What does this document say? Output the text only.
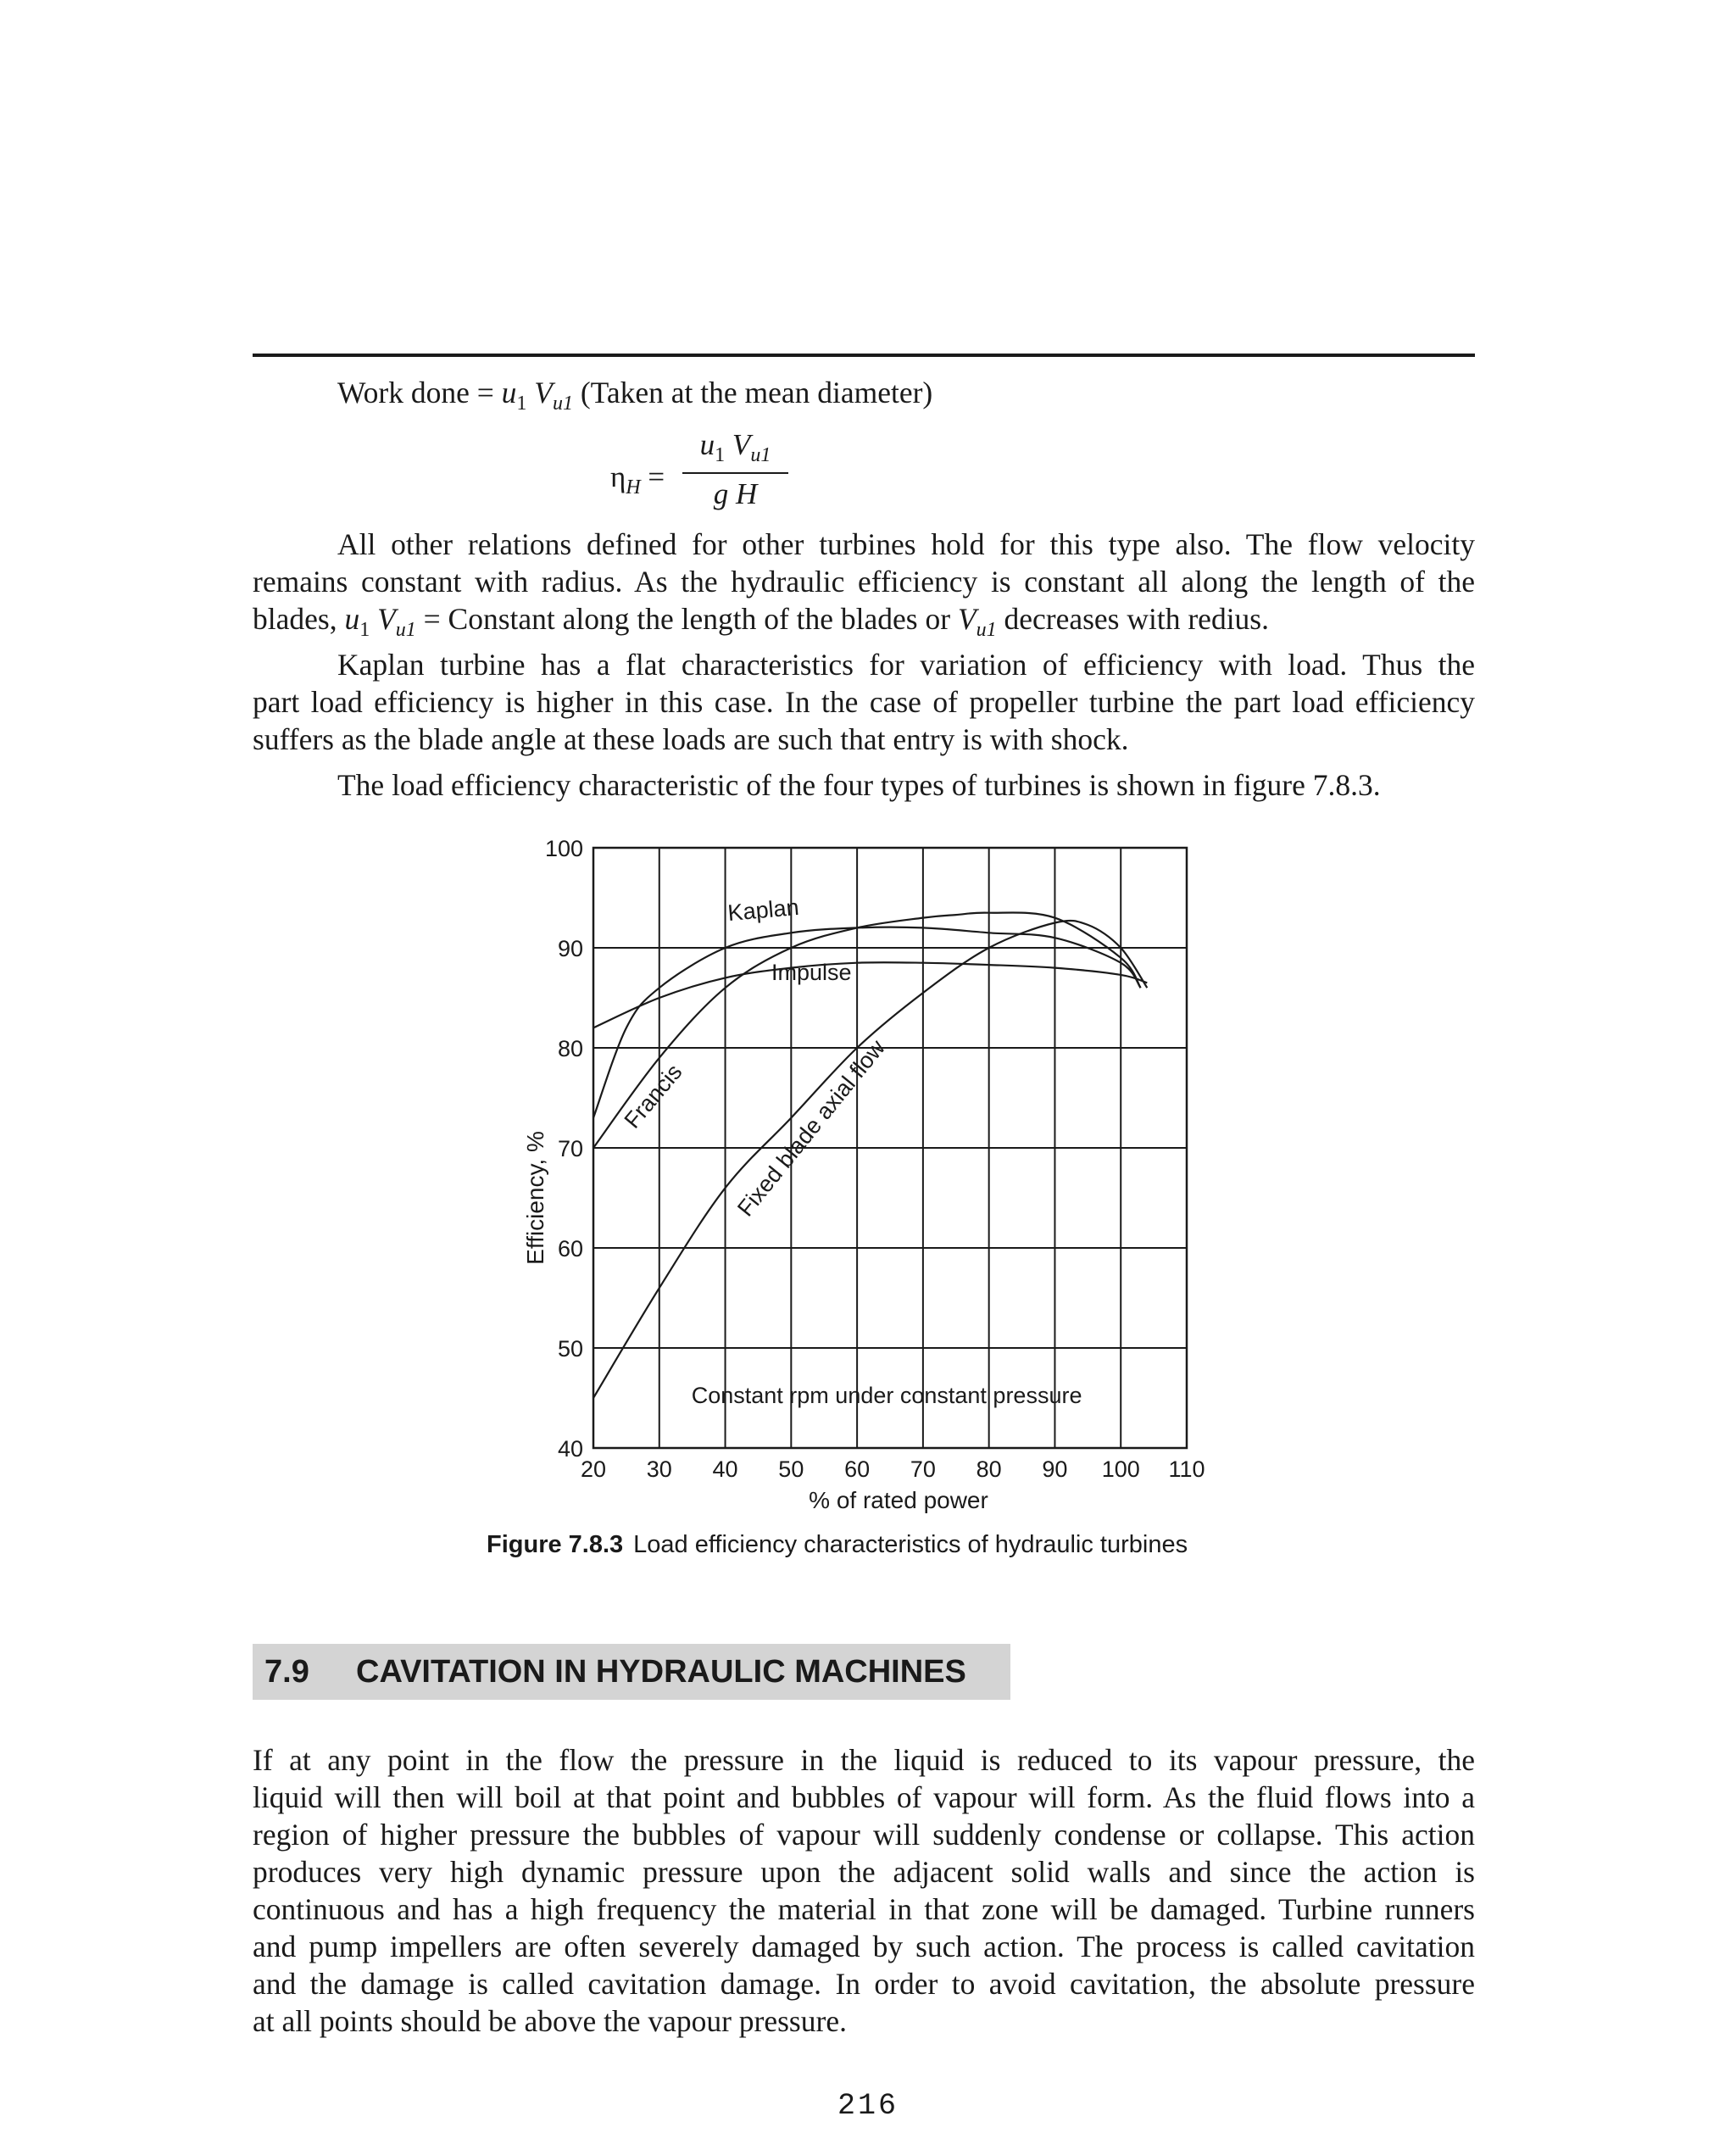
Work done = $u_1$ $V_{u1}$ (Taken at the mean diameter)
$\eta_H$ =
$u_1$ $V_{u1}$
g H
All other relations defined for other turbines hold for this type also. The flow velocity
remains constant with radius. As the hydraulic efficiency is constant all along the length of the
blades, $u_1$ $V_{u1}$ = Constant along the length of the blades or $V_{u1}$ decreases with redius.
Kaplan turbine has a flat characteristics for variation of efficiency with load. Thus the
part load efficiency is higher in this case. In the case of propeller turbine the part load efficiency
suffers as the blade angle at these loads are such that entry is with shock.
The load efficiency characteristic of the four types of turbines is shown in figure 7.8.3.
40
50
60
70
80
90
100
20 30 40 50 60 70 80 90 100 110
% of rated power
Efficiency, %
Constant rpm under constant pressure
Kaplan
Impulse
Francis Fixed blade axial flow
Figure 7.8.3 Load efficiency characteristics of hydraulic turbines
7.9 CAVITATION IN HYDRAULIC MACHINES
If at any point in the flow the pressure in the liquid is reduced to its vapour pressure, the
liquid will then will boil at that point and bubbles of vapour will form. As the fluid flows into a
region of higher pressure the bubbles of vapour will suddenly condense or collapse. This action
produces very high dynamic pressure upon the adjacent solid walls and since the action is
continuous and has a high frequency the material in that zone will be damaged. Turbine runners
and pump impellers are often severely damaged by such action. The process is called cavitation
and the damage is called cavitation damage. In order to avoid cavitation, the absolute pressure
at all points should be above the vapour pressure.
216
